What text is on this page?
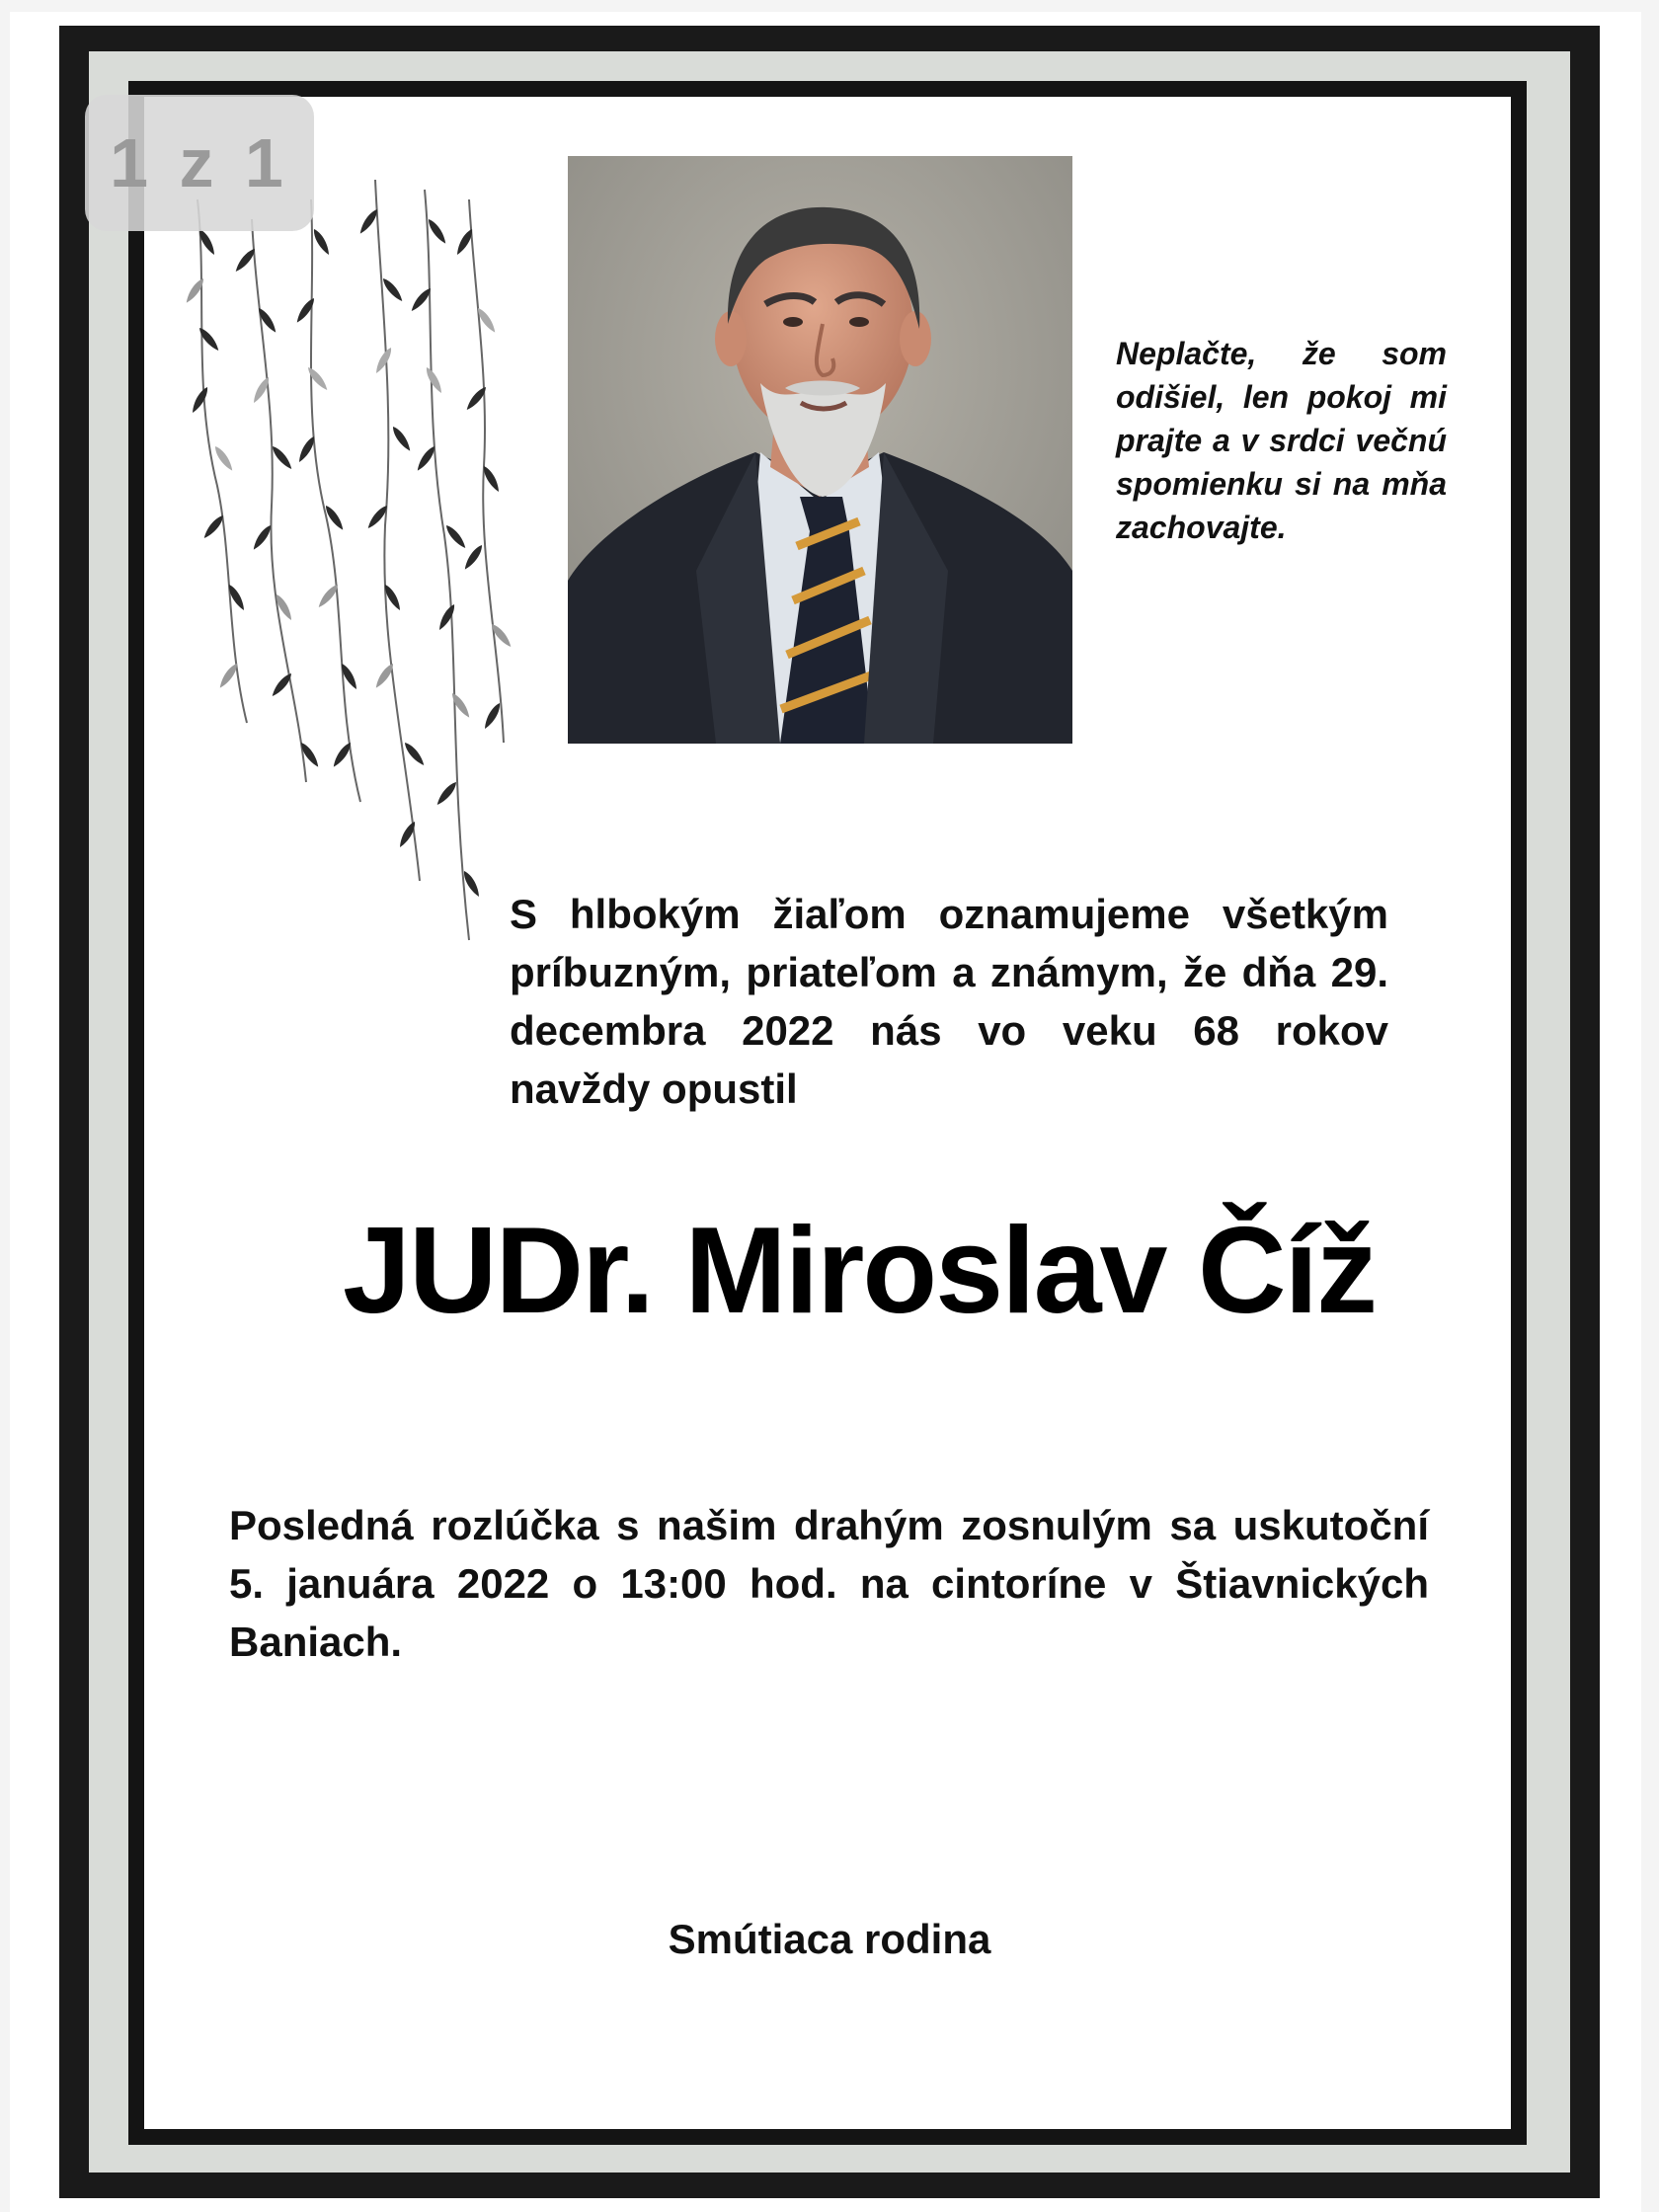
1 z 1
Neplačte, že som odišiel, len pokoj mi prajte a v srdci večnú spomienku si na mňa zachovajte.
S hlbokým žiaľom oznamujeme všetkým príbuzným, priateľom a známym, že dňa 29. decembra 2022 nás vo veku 68 rokov navždy opustil
JUDr. Miroslav Číž
Posledná rozlúčka s našim drahým zosnulým sa uskutoční 5. januára 2022 o 13:00 hod. na cintoríne v Štiavnických Baniach.
Smútiaca rodina
